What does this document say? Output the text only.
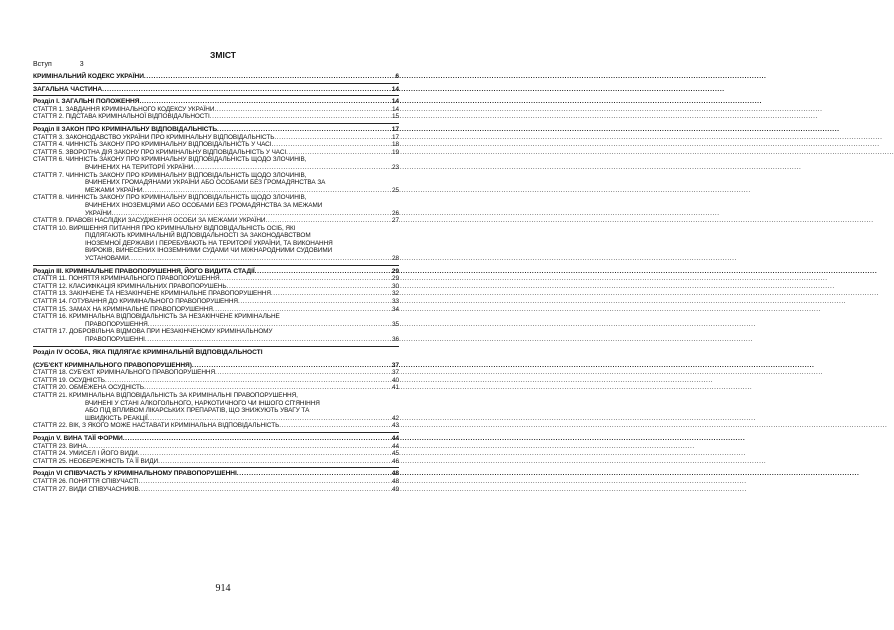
ЗМІСТ
Вступ	3
КРИМІНАЛЬНИЙ КОДЕКС УКРАЇНИ .....	6
ЗАГАЛЬНА ЧАСТИНА .....	14
Розділ І. ЗАГАЛЬНІ ПОЛОЖЕННЯ .....	14
СТАТТЯ 1. ЗАВДАННЯ КРИМІНАЛЬНОГО КОДЕКСУ УКРАЇНИ .....	14
СТАТТЯ 2. ПІДСТАВА КРИМІНАЛЬНОЇ ВІДПОВІДАЛЬНОСТІ .....	15
Розділ ІІ ЗАКОН ПРО КРИМІНАЛЬНУ ВІДПОВІДАЛЬНІСТЬ .....	17
СТАТТЯ 3. ЗАКОНОДАВСТВО УКРАЇНИ ПРО КРИМІНАЛЬНУ ВІДПОВІДАЛЬНІСТЬ .....	17
СТАТТЯ 4. ЧИННІСТЬ ЗАКОНУ ПРО КРИМІНАЛЬНУ ВІДПОВІДАЛЬНІСТЬ У ЧАСІ .....	18
СТАТТЯ 5. ЗВОРОТНА ДІЯ ЗАКОНУ ПРО КРИМІНАЛЬНУ ВІДПОВІДАЛЬНІСТЬ У ЧАСІ .....	19
СТАТТЯ 6. ЧИННІСТЬ ЗАКОНУ ПРО КРИМІНАЛЬНУ ВІДПОВІДАЛЬНІСТЬ ЩОДО ЗЛОЧИНІВ,
ВЧИНЕНИХ НА ТЕРИТОРІЇ УКРАЇНИ .....	23
СТАТТЯ 7. ЧИННІСТЬ ЗАКОНУ ПРО КРИМІНАЛЬНУ ВІДПОВІДАЛЬНІСТЬ ЩОДО ЗЛОЧИНІВ,
ВЧИНЕНИХ ГРОМАДЯНАМИ УКРАЇНИ АБО ОСОБАМИ БЕЗ ГРОМАДЯНСТВА ЗА
МЕЖАМИ УКРАЇНИ .....	25
СТАТТЯ 8. ЧИННІСТЬ ЗАКОНУ ПРО КРИМІНАЛЬНУ ВІДПОВІДАЛЬНІСТЬ ЩОДО ЗЛОЧИНІВ,
ВЧИНЕНИХ ІНОЗЕМЦЯМИ АБО ОСОБАМИ БЕЗ ГРОМАДЯНСТВА ЗА МЕЖАМИ
УКРАЇНИ .....	26
СТАТТЯ 9. ПРАВОВІ НАСЛІДКИ ЗАСУДЖЕННЯ ОСОБИ ЗА МЕЖАМИ УКРАЇНИ .....	27
СТАТТЯ 10. ВИРІШЕННЯ ПИТАННЯ ПРО КРИМІНАЛЬНУ ВІДПОВІДАЛЬНІСТЬ ОСІБ, ЯКІ
ПІДЛЯГАЮТЬ КРИМІНАЛЬНІЙ ВІДПОВІДАЛЬНОСТІ ЗА ЗАКОНОДАВСТВОМ
ІНОЗЕМНОЇ ДЕРЖАВИ І ПЕРЕБУВАЮТЬ НА ТЕРИТОРІЇ УКРАЇНИ, ТА ВИКОНАННЯ
ВИРОКІВ, ВИНЕСЕНИХ ІНОЗЕМНИМИ СУДАМИ ЧИ МІЖНАРОДНИМИ СУДОВИМИ
УСТАНОВАМИ .....	28
Розділ ІІІ. КРИМІНАЛЬНЕ ПРАВОПОРУШЕННЯ, ЙОГО ВИДИТА СТАДІЇ .....	29
СТАТТЯ 11. ПОНЯТТЯ КРИМІНАЛЬНОГО ПРАВОПОРУШЕННЯ .....	29
СТАТТЯ 12. КЛАСИФІКАЦІЯ КРИМІНАЛЬНИХ ПРАВОПОРУШЕНЬ .....	30
СТАТТЯ 13. ЗАКІНЧЕНЕ ТА НЕЗАКІНЧЕНЕ КРИМІНАЛЬНЕ ПРАВОПОРУШЕННЯ .....	32
СТАТТЯ 14. ГОТУВАННЯ ДО КРИМІНАЛЬНОГО ПРАВОПОРУШЕННЯ .....	33
СТАТТЯ 15. ЗАМАХ НА КРИМІНАЛЬНЕ ПРАВОПОРУШЕННЯ .....	34
СТАТТЯ 16. КРИМІНАЛЬНА ВІДПОВІДАЛЬНІСТЬ ЗА НЕЗАКІНЧЕНЕ КРИМІНАЛЬНЕ
ПРАВОПОРУШЕННЯ .....	35
СТАТТЯ 17. ДОБРОВІЛЬНА ВІДМОВА ПРИ НЕЗАКІНЧЕНОМУ КРИМІНАЛЬНОМУ
ПРАВОПОРУШЕННІ .....	36
Розділ IV ОСОБА, ЯКА ПІДЛЯГАЄ КРИМІНАЛЬНІЙ ВІДПОВІДАЛЬНОСТІ
(СУБ'ЄКТ КРИМІНАЛЬНОГО ПРАВОПОРУШЕННЯ) .....	37
СТАТТЯ 18. СУБ'ЄКТ КРИМІНАЛЬНОГО ПРАВОПОРУШЕННЯ .....	37
СТАТТЯ 19. ОСУДНІСТЬ .....	40
СТАТТЯ 20. ОБМЕЖЕНА ОСУДНІСТЬ .....	41
СТАТТЯ 21. КРИМІНАЛЬНА ВІДПОВІДАЛЬНІСТЬ ЗА КРИМІНАЛЬНІ ПРАВОПОРУШЕННЯ,
ВЧИНЕНІ У СТАНІ АЛКОГОЛЬНОГО, НАРКОТИЧНОГО ЧИ ІНШОГО СП'ЯНІННЯ
АБО ПІД ВПЛИВОМ ЛІКАРСЬКИХ ПРЕПАРАТІВ, ЩО ЗНИЖУЮТЬ УВАГУ ТА
ШВИДКІСТЬ РЕАКЦІЇ .....	42
СТАТТЯ 22. ВІК, З ЯКОГО МОЖЕ НАСТАВАТИ КРИМІНАЛЬНА ВІДПОВІДАЛЬНІСТЬ .....	43
Розділ V. ВИНА ТАЇЇ ФОРМИ .....	44
СТАТТЯ 23. ВИНА .....	44
СТАТТЯ 24. УМИСЕЛ І ЙОГО ВИДИ .....	45
СТАТТЯ 25. НЕОБЕРЕЖНІСТЬ ТА ЇЇ ВИДИ .....	46
Розділ VI СПІВУЧАСТЬ У КРИМІНАЛЬНОМУ ПРАВОПОРУШЕННІ .....	48
СТАТТЯ 26. ПОНЯТТЯ СПІВУЧАСТІ .....	48
СТАТТЯ 27. ВИДИ СПІВУЧАСНИКІВ .....	49
914
